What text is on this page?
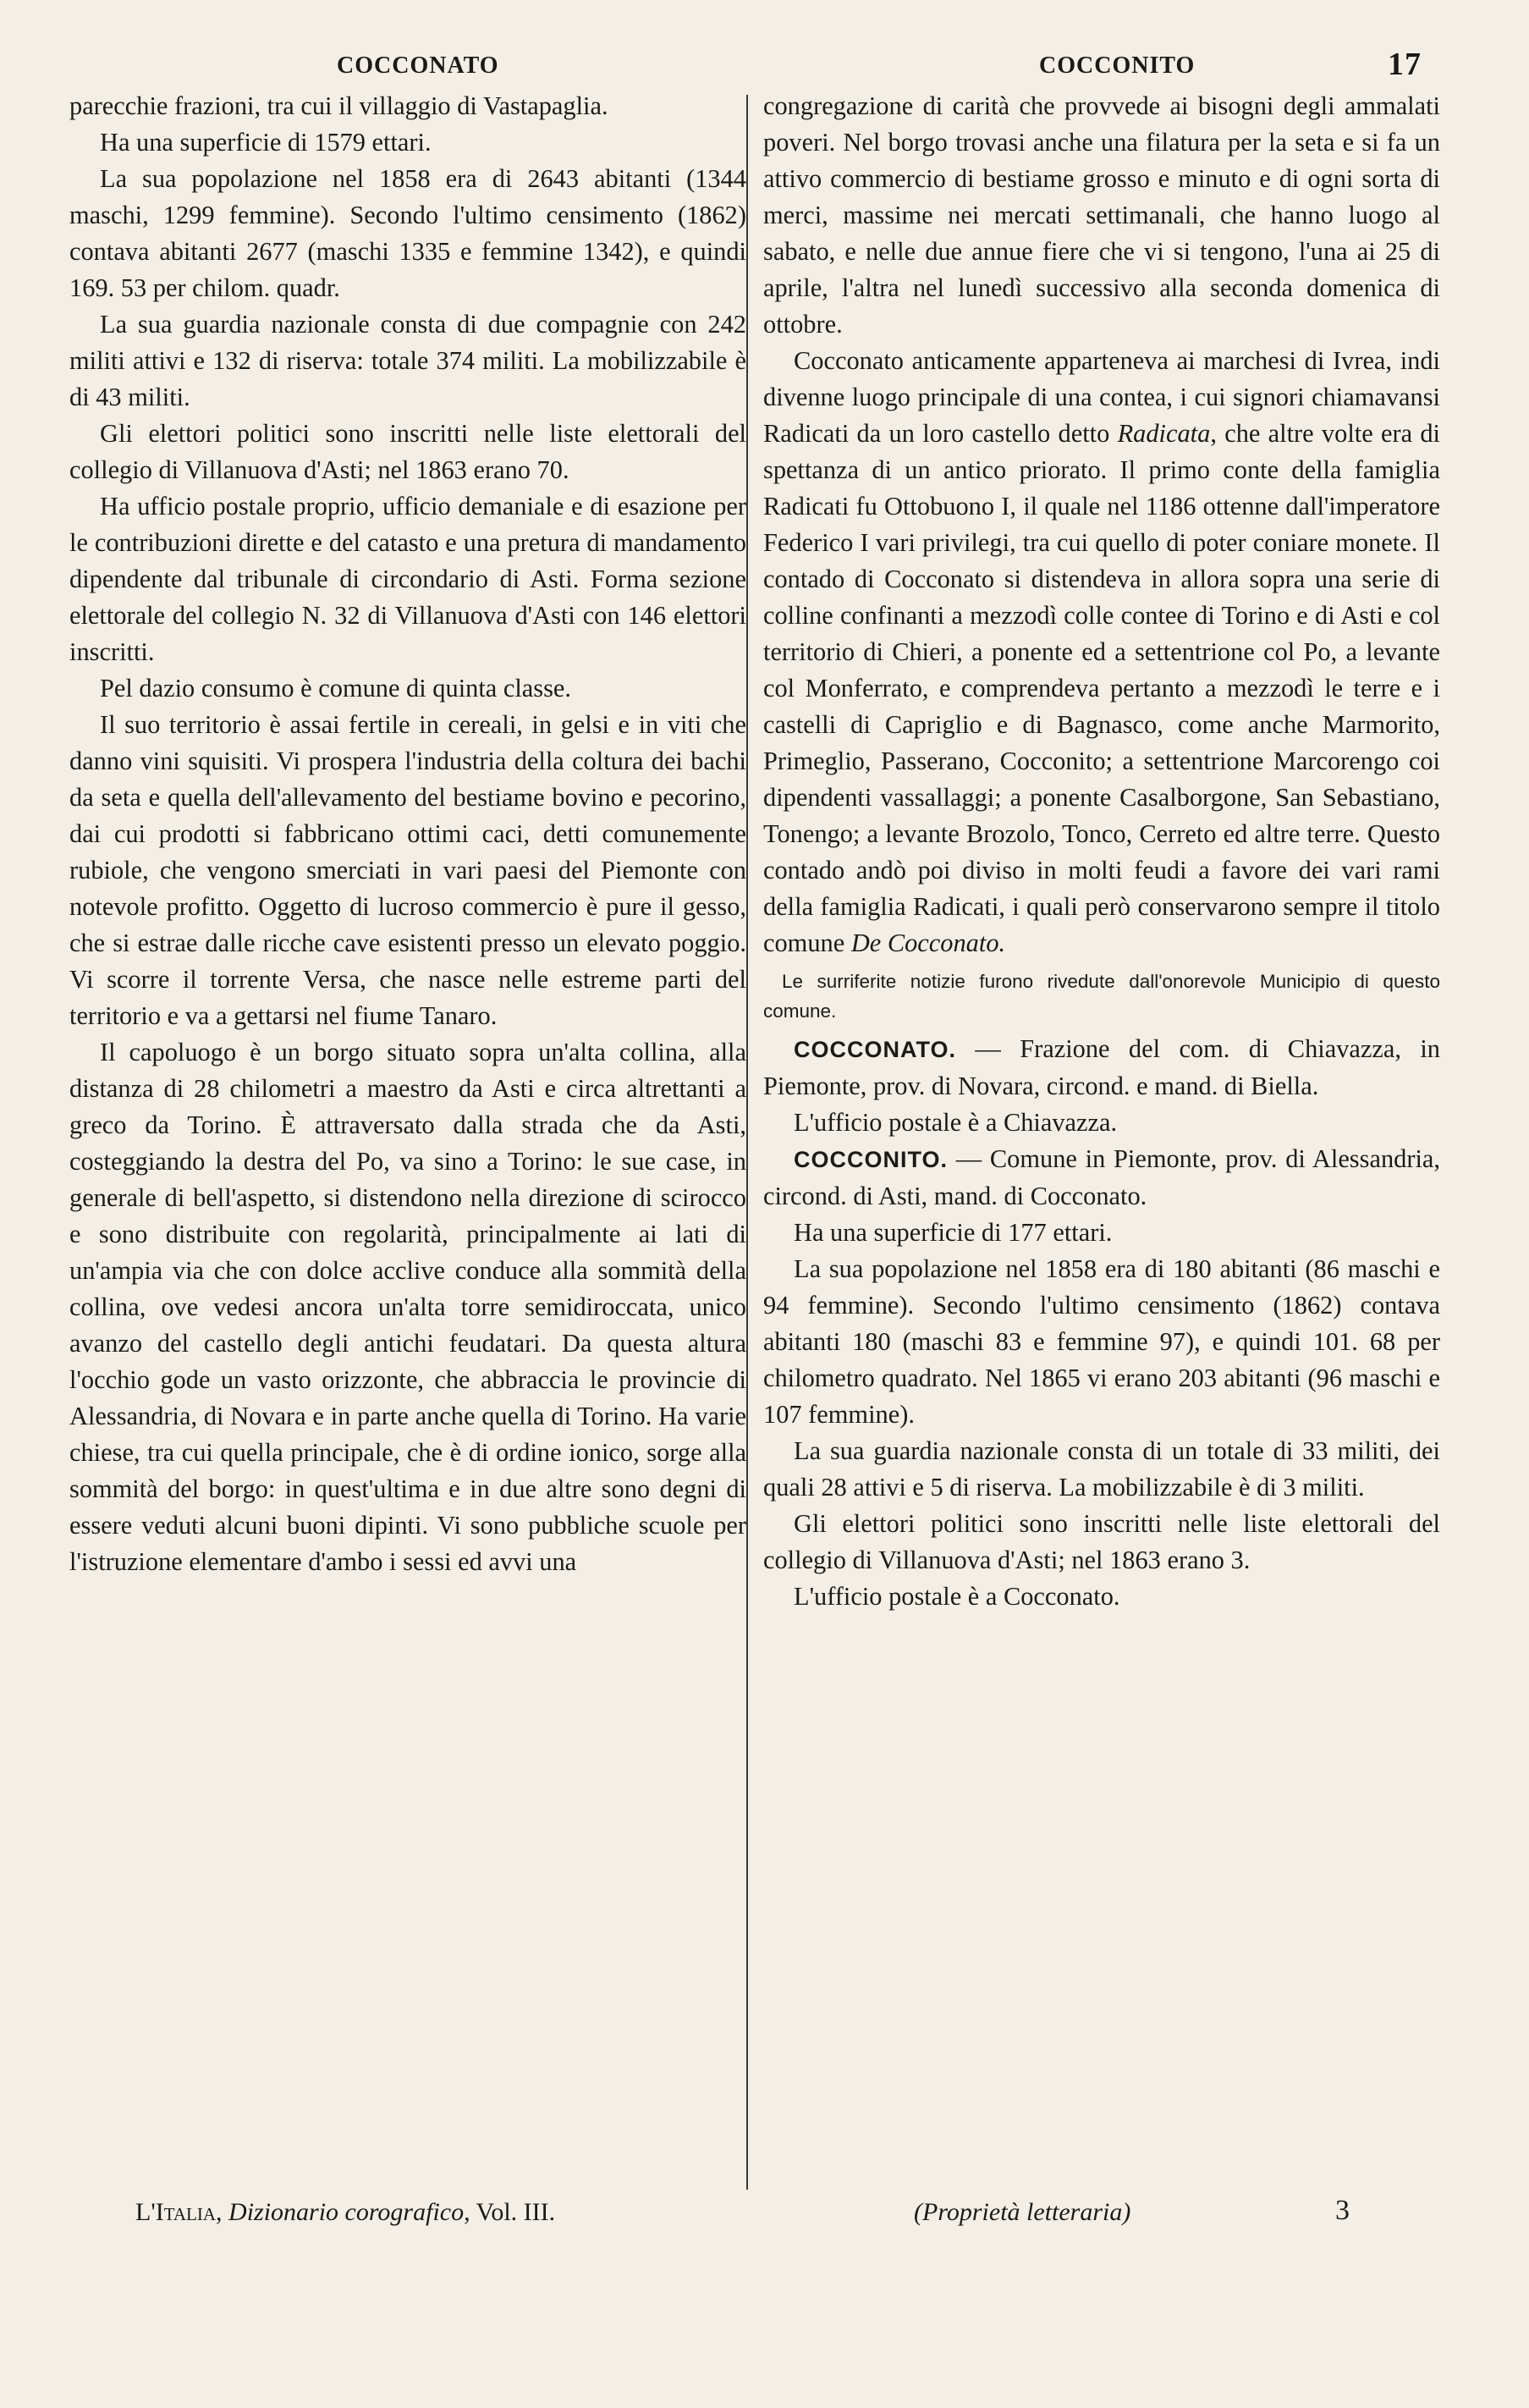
COCCONATO	COCCONITO	17

parecchie frazioni, tra cui il villaggio di Vastapaglia.

Ha una superficie di 1579 ettari.

La sua popolazione nel 1858 era di 2643 abitanti (1344 maschi, 1299 femmine). Secondo l'ultimo censimento (1862) contava abitanti 2677 (maschi 1335 e femmine 1342), e quindi 169. 53 per chilom. quadr.

La sua guardia nazionale consta di due compagnie con 242 militi attivi e 132 di riserva: totale 374 militi. La mobilizzabile è di 43 militi.

Gli elettori politici sono inscritti nelle liste elettorali del collegio di Villanuova d'Asti; nel 1863 erano 70.

Ha ufficio postale proprio, ufficio demaniale e di esazione per le contribuzioni dirette e del catasto e una pretura di mandamento dipendente dal tribunale di circondario di Asti. Forma sezione elettorale del collegio N. 32 di Villanuova d'Asti con 146 elettori inscritti.

Pel dazio consumo è comune di quinta classe.

Il suo territorio è assai fertile in cereali, in gelsi e in viti che danno vini squisiti. Vi prospera l'industria della coltura dei bachi da seta e quella dell'allevamento del bestiame bovino e pecorino, dai cui prodotti si fabbricano ottimi caci, detti comunemente rubiole, che vengono smerciati in vari paesi del Piemonte con notevole profitto. Oggetto di lucroso commercio è pure il gesso, che si estrae dalle ricche cave esistenti presso un elevato poggio. Vi scorre il torrente Versa, che nasce nelle estreme parti del territorio e va a gettarsi nel fiume Tanaro.

Il capoluogo è un borgo situato sopra un'alta collina, alla distanza di 28 chilometri a maestro da Asti e circa altrettanti a greco da Torino. È attraversato dalla strada che da Asti, costeggiando la destra del Po, va sino a Torino: le sue case, in generale di bell'aspetto, si distendono nella direzione di scirocco e sono distribuite con regolarità, principalmente ai lati di un'ampia via che con dolce acclive conduce alla sommità della collina, ove vedesi ancora un'alta torre semidiroccata, unico avanzo del castello degli antichi feudatari. Da questa altura l'occhio gode un vasto orizzonte, che abbraccia le provincie di Alessandria, di Novara e in parte anche quella di Torino. Ha varie chiese, tra cui quella principale, che è di ordine ionico, sorge alla sommità del borgo: in quest'ultima e in due altre sono degni di essere veduti alcuni buoni dipinti. Vi sono pubbliche scuole per l'istruzione elementare d'ambo i sessi ed avvi una

congregazione di carità che provvede ai bisogni degli ammalati poveri. Nel borgo trovasi anche una filatura per la seta e si fa un attivo commercio di bestiame grosso e minuto e di ogni sorta di merci, massime nei mercati settimanali, che hanno luogo al sabato, e nelle due annue fiere che vi si tengono, l'una ai 25 di aprile, l'altra nel lunedì successivo alla seconda domenica di ottobre.

Cocconato anticamente apparteneva ai marchesi di Ivrea, indi divenne luogo principale di una contea, i cui signori chiamavansi Radicati da un loro castello detto Radicata, che altre volte era di spettanza di un antico priorato. Il primo conte della famiglia Radicati fu Ottobuono I, il quale nel 1186 ottenne dall'imperatore Federico I vari privilegi, tra cui quello di poter coniare monete. Il contado di Cocconato si distendeva in allora sopra una serie di colline confinanti a mezzodì colle contee di Torino e di Asti e col territorio di Chieri, a ponente ed a settentrione col Po, a levante col Monferrato, e comprendeva pertanto a mezzodì le terre e i castelli di Capriglio e di Bagnasco, come anche Marmorito, Primeglio, Passerano, Cocconito; a settentrione Marcorengo coi dipendenti vassallaggi; a ponente Casalborgone, San Sebastiano, Tonengo; a levante Brozolo, Tonco, Cerreto ed altre terre. Questo contado andò poi diviso in molti feudi a favore dei vari rami della famiglia Radicati, i quali però conservarono sempre il titolo comune De Cocconato.

Le surriferite notizie furono rivedute dall'onorevole Municipio di questo comune.

COCCONATO. — Frazione del com. di Chiavazza, in Piemonte, prov. di Novara, circond. e mand. di Biella.

L'ufficio postale è a Chiavazza.

COCCONITO. — Comune in Piemonte, prov. di Alessandria, circond. di Asti, mand. di Cocconato.

Ha una superficie di 177 ettari.

La sua popolazione nel 1858 era di 180 abitanti (86 maschi e 94 femmine). Secondo l'ultimo censimento (1862) contava abitanti 180 (maschi 83 e femmine 97), e quindi 101. 68 per chilometro quadrato. Nel 1865 vi erano 203 abitanti (96 maschi e 107 femmine).

La sua guardia nazionale consta di un totale di 33 militi, dei quali 28 attivi e 5 di riserva. La mobilizzabile è di 3 militi.

Gli elettori politici sono inscritti nelle liste elettorali del collegio di Villanuova d'Asti; nel 1863 erano 3.

L'ufficio postale è a Cocconato.

L'Italia, Dizionario corografico, Vol. III.	(Proprietà letteraria)	3
